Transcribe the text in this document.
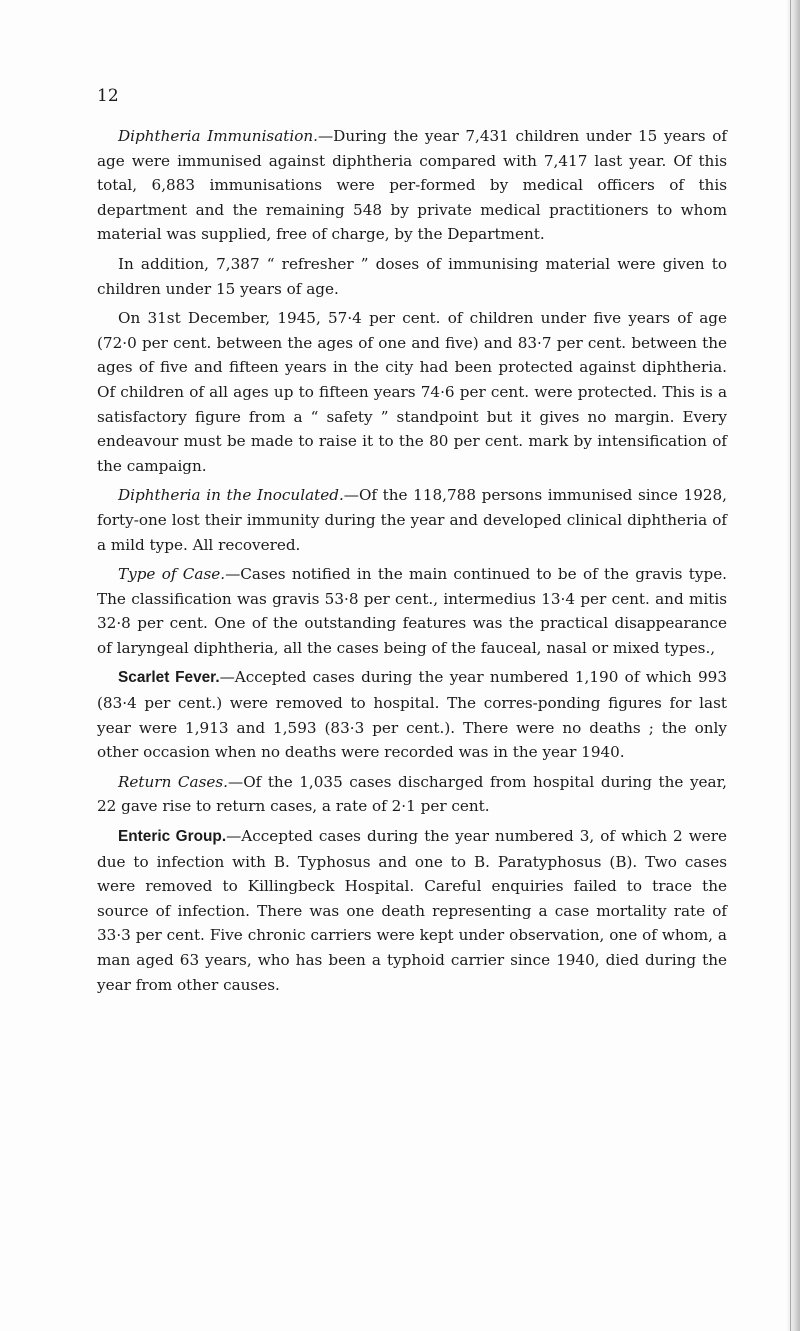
12

Diphtheria Immunisation.—During the year 7,431 children under 15 years of age were immunised against diphtheria compared with 7,417 last year. Of this total, 6,883 immunisations were per-formed by medical officers of this department and the remaining 548 by private medical practitioners to whom material was supplied, free of charge, by the Department.

In addition, 7,387 “ refresher ” doses of immunising material were given to children under 15 years of age.

On 31st December, 1945, 57·4 per cent. of children under five years of age (72·0 per cent. between the ages of one and five) and 83·7 per cent. between the ages of five and fifteen years in the city had been protected against diphtheria. Of children of all ages up to fifteen years 74·6 per cent. were protected. This is a satisfactory figure from a “ safety ” standpoint but it gives no margin. Every endeavour must be made to raise it to the 80 per cent. mark by intensification of the campaign.

Diphtheria in the Inoculated.—Of the 118,788 persons immunised since 1928, forty-one lost their immunity during the year and developed clinical diphtheria of a mild type. All recovered.

Type of Case.—Cases notified in the main continued to be of the gravis type. The classification was gravis 53·8 per cent., intermedius 13·4 per cent. and mitis 32·8 per cent. One of the outstanding features was the practical disappearance of laryngeal diphtheria, all the cases being of the fauceal, nasal or mixed types.,

Scarlet Fever.—Accepted cases during the year numbered 1,190 of which 993 (83·4 per cent.) were removed to hospital. The corres-ponding figures for last year were 1,913 and 1,593 (83·3 per cent.). There were no deaths ; the only other occasion when no deaths were recorded was in the year 1940.

Return Cases.—Of the 1,035 cases discharged from hospital during the year, 22 gave rise to return cases, a rate of 2·1 per cent.

Enteric Group.—Accepted cases during the year numbered 3, of which 2 were due to infection with B. Typhosus and one to B. Paratyphosus (B). Two cases were removed to Killingbeck Hospital. Careful enquiries failed to trace the source of infection. There was one death representing a case mortality rate of 33·3 per cent. Five chronic carriers were kept under observation, one of whom, a man aged 63 years, who has been a typhoid carrier since 1940, died during the year from other causes.
